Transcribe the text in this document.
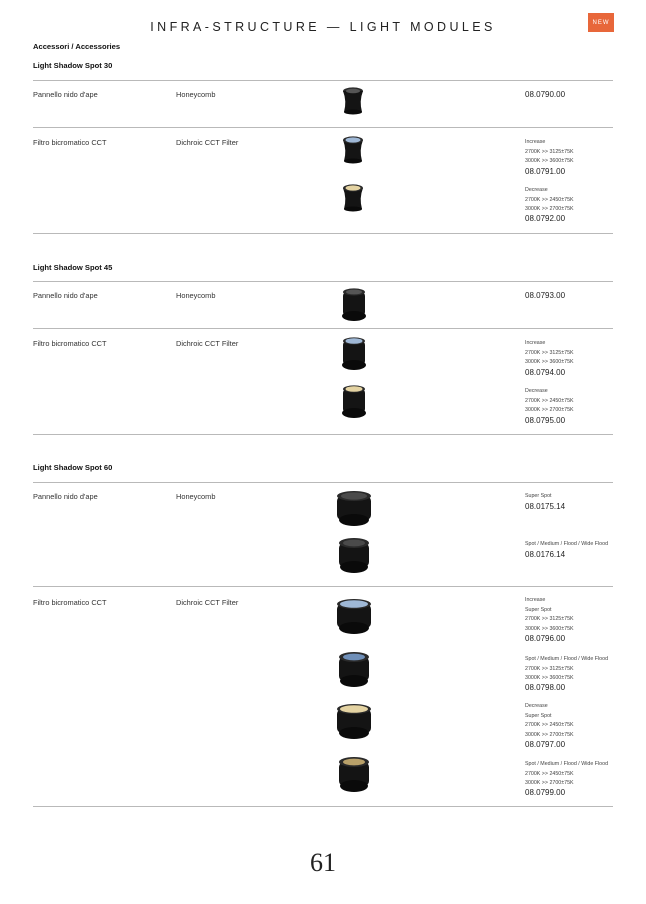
INFRA-STRUCTURE — LIGHT MODULES	NEW
Accessori / Accessories
Light Shadow Spot 30
Pannello nido d'ape	Honeycomb	08.0790.00
Filtro bicromatico CCT	Dichroic CCT Filter	Increase
2700K >> 3125±75K
3000K >> 3600±75K
08.0791.00
Decrease
2700K >> 2450±75K
3000K >> 2700±75K
08.0792.00
Light Shadow Spot 45
Pannello nido d'ape	Honeycomb	08.0793.00
Filtro bicromatico CCT	Dichroic CCT Filter	Increase
2700K >> 3125±75K
3000K >> 3600±75K
08.0794.00
Decrease
2700K >> 2450±75K
3000K >> 2700±75K
08.0795.00
Light Shadow Spot 60
Pannello nido d'ape	Honeycomb	Super Spot
08.0175.14
Spot / Medium / Flood / Wide Flood
08.0176.14
Filtro bicromatico CCT	Dichroic CCT Filter	Increase
Super Spot
2700K >> 3125±75K
3000K >> 3600±75K
08.0796.00
Spot / Medium / Flood / Wide Flood
2700K >> 3125±75K
3000K >> 3600±75K
08.0798.00
Decrease
Super Spot
2700K >> 2450±75K
3000K >> 2700±75K
08.0797.00
Spot / Medium / Flood / Wide Flood
2700K >> 2450±75K
3000K >> 2700±75K
08.0799.00
61
